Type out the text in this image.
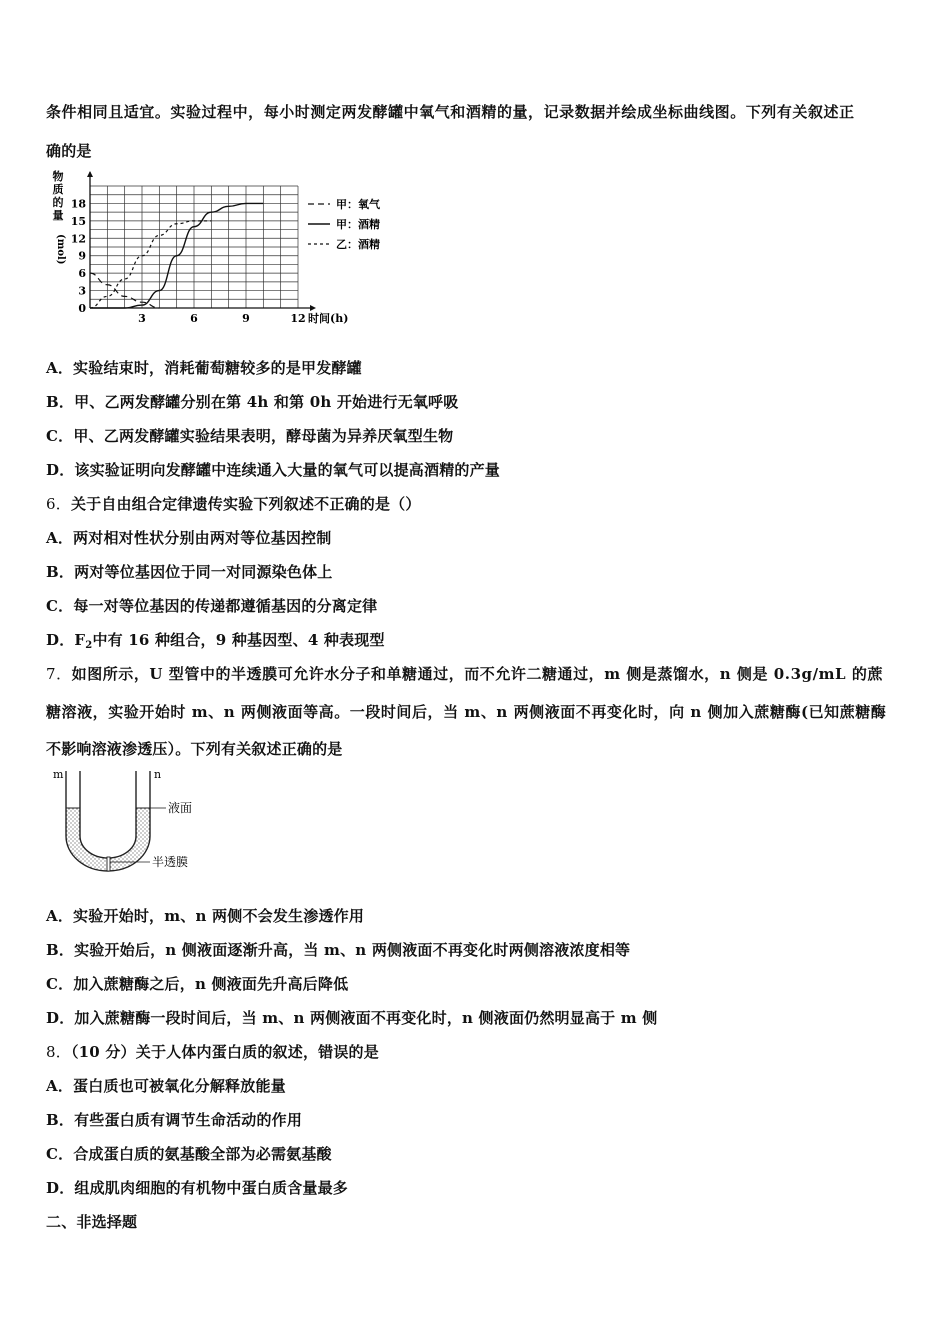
条件相同且适宜。实验过程中，每小时测定两发酵罐中氧气和酒精的量，记录数据并绘成坐标曲线图。下列有关叙述正
确的是
物
质
的
量
(mol)
18
15
12
9
6
3
0
3	6	9	12 时间(h)
甲：氧气
甲：酒精
乙：酒精
A．实验结束时，消耗葡萄糖较多的是甲发酵罐
B．甲、乙两发酵罐分别在第 4h 和第 0h 开始进行无氧呼吸
C．甲、乙两发酵罐实验结果表明，酵母菌为异养厌氧型生物
D．该实验证明向发酵罐中连续通入大量的氧气可以提高酒精的产量
6．关于自由组合定律遗传实验下列叙述不正确的是（）
A．两对相对性状分别由两对等位基因控制
B．两对等位基因位于同一对同源染色体上
C．每一对等位基因的传递都遵循基因的分离定律
D．$F_2$中有 16 种组合，9 种基因型、4 种表现型
7．如图所示，U 型管中的半透膜可允许水分子和单糖通过，而不允许二糖通过，m 侧是蒸馏水，n 侧是 0.3g/mL 的蔗
糖溶液，实验开始时 m、n 两侧液面等高。一段时间后，当 m、n 两侧液面不再变化时，向 n 侧加入蔗糖酶(已知蔗糖酶
不影响溶液渗透压）。下列有关叙述正确的是
m	n
液面
半透膜
A．实验开始时，m、n 两侧不会发生渗透作用
B．实验开始后，n 侧液面逐渐升高，当 m、n 两侧液面不再变化时两侧溶液浓度相等
C．加入蔗糖酶之后，n 侧液面先升高后降低
D．加入蔗糖酶一段时间后，当 m、n 两侧液面不再变化时，n 侧液面仍然明显高于 m 侧
8．（10 分）关于人体内蛋白质的叙述，错误的是
A．蛋白质也可被氧化分解释放能量
B．有些蛋白质有调节生命活动的作用
C．合成蛋白质的氨基酸全部为必需氨基酸
D．组成肌肉细胞的有机物中蛋白质含量最多
二、非选择题
